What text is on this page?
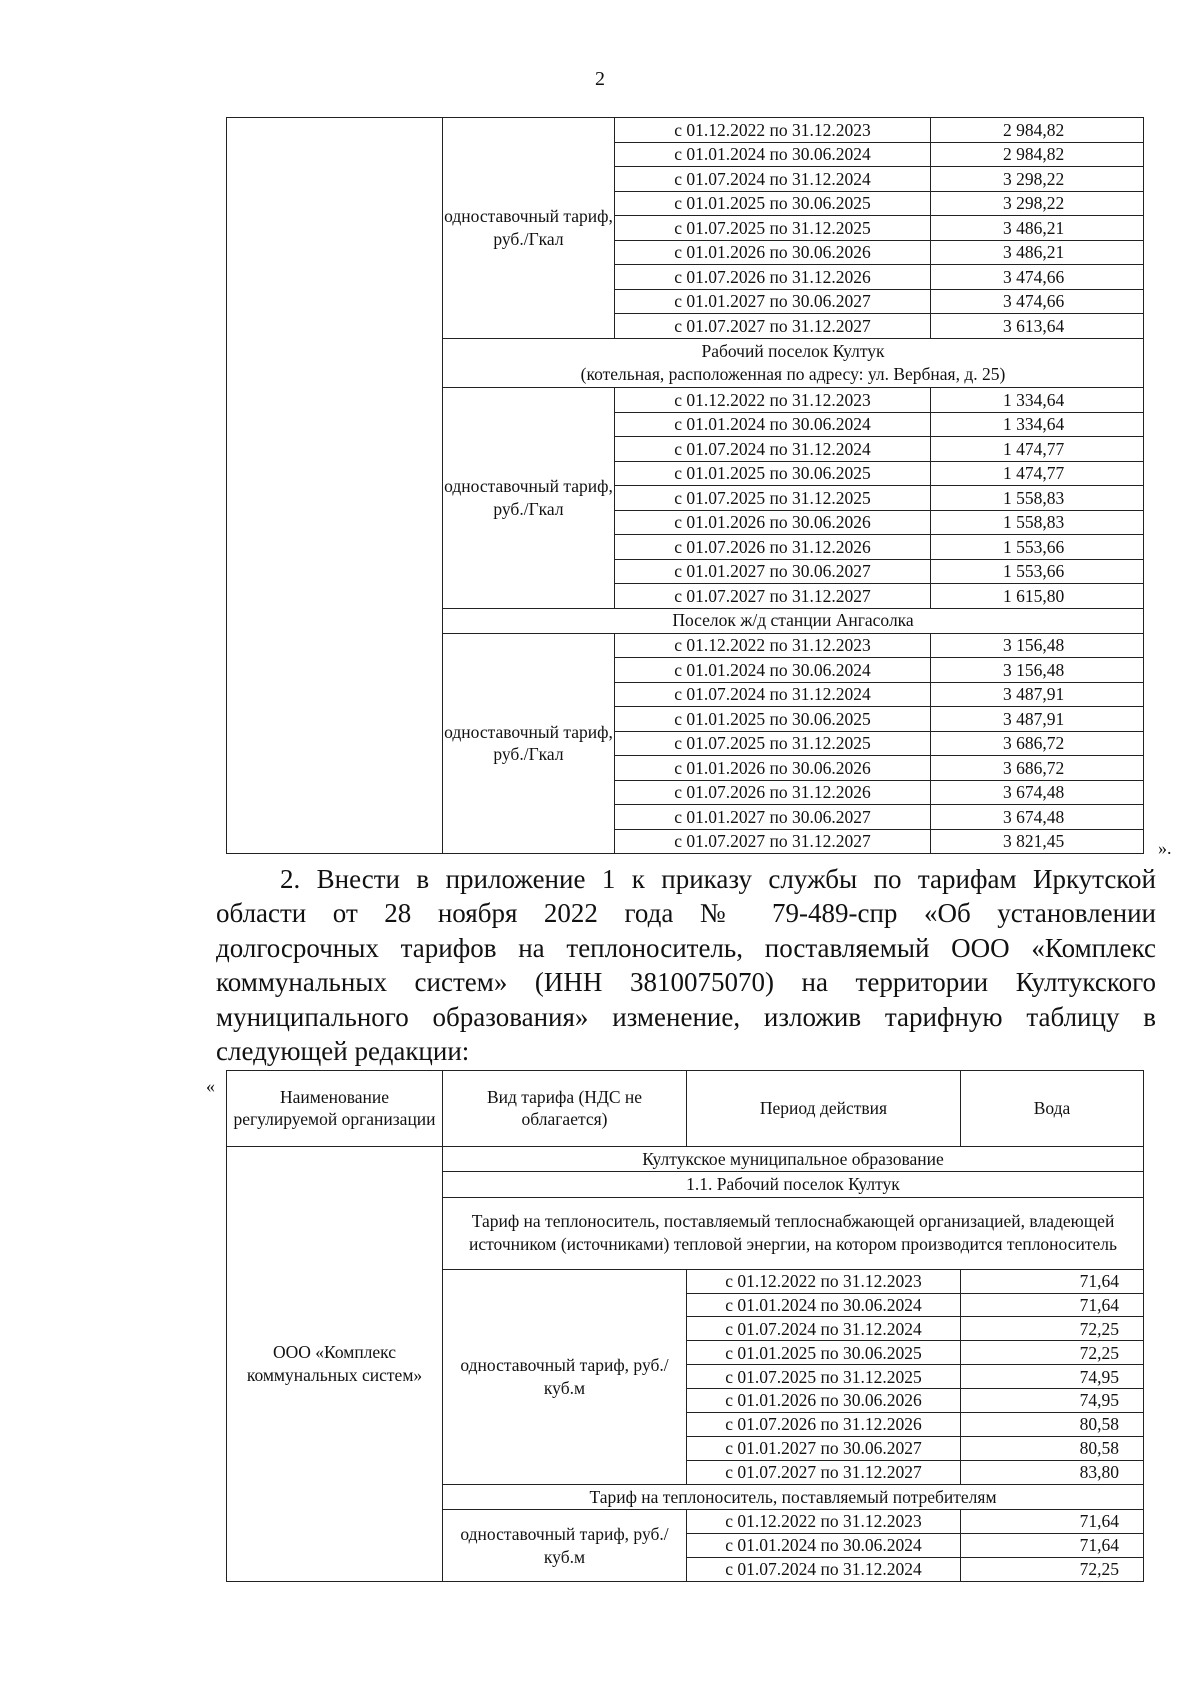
2
	одноставочный тариф, руб./Гкал	с 01.12.2022 по 31.12.2023	2 984,82
		с 01.01.2024 по 30.06.2024	2 984,82
		с 01.07.2024 по 31.12.2024	3 298,22
		с 01.01.2025 по 30.06.2025	3 298,22
		с 01.07.2025 по 31.12.2025	3 486,21
		с 01.01.2026 по 30.06.2026	3 486,21
		с 01.07.2026 по 31.12.2026	3 474,66
		с 01.01.2027 по 30.06.2027	3 474,66
		с 01.07.2027 по 31.12.2027	3 613,64

	Рабочий поселок Култук
(котельная, расположенная по адресу: ул. Вербная, д. 25)		

	одноставочный тариф, руб./Гкал	с 01.12.2022 по 31.12.2023	1 334,64
		с 01.01.2024 по 30.06.2024	1 334,64
		с 01.07.2024 по 31.12.2024	1 474,77
		с 01.01.2025 по 30.06.2025	1 474,77
		с 01.07.2025 по 31.12.2025	1 558,83
		с 01.01.2026 по 30.06.2026	1 558,83
		с 01.07.2026 по 31.12.2026	1 553,66
		с 01.01.2027 по 30.06.2027	1 553,66
		с 01.07.2027 по 31.12.2027	1 615,80

	Поселок ж/д станции Ангасолка		

	одноставочный тариф, руб./Гкал	с 01.12.2022 по 31.12.2023	3 156,48
		с 01.01.2024 по 30.06.2024	3 156,48
		с 01.07.2024 по 31.12.2024	3 487,91
		с 01.01.2025 по 30.06.2025	3 487,91
		с 01.07.2025 по 31.12.2025	3 686,72
		с 01.01.2026 по 30.06.2026	3 686,72
		с 01.07.2026 по 31.12.2026	3 674,48
		с 01.01.2027 по 30.06.2027	3 674,48
		с 01.07.2027 по 31.12.2027	3 821,45	».
2. Внести в приложение 1 к приказу службы по тарифам Иркутской
области от 28 ноября 2022 года № 79-489-спр «Об установлении
долгосрочных тарифов на теплоноситель, поставляемый ООО «Комплекс
коммунальных систем» (ИНН 3810075070) на территории Култукского
муниципального образования» изменение, изложив тарифную таблицу в
следующей редакции:
«
Наименование регулируемой организации	Вид тарифа (НДС не облагается)	Период действия	Вода
ООО «Комплекс коммунальных систем»	Култукское муниципальное образование		
	1.1. Рабочий поселок Култук		
	Тариф на теплоноситель, поставляемый теплоснабжающей организацией, владеющей источником (источниками) тепловой энергии, на котором производится теплоноситель		
	одноставочный тариф, руб./куб.м	с 01.12.2022 по 31.12.2023	71,64
		с 01.01.2024 по 30.06.2024	71,64
		с 01.07.2024 по 31.12.2024	72,25
		с 01.01.2025 по 30.06.2025	72,25
		с 01.07.2025 по 31.12.2025	74,95
		с 01.01.2026 по 30.06.2026	74,95
		с 01.07.2026 по 31.12.2026	80,58
		с 01.01.2027 по 30.06.2027	80,58
		с 01.07.2027 по 31.12.2027	83,80
	Тариф на теплоноситель, поставляемый потребителям		
	одноставочный тариф, руб./куб.м	с 01.12.2022 по 31.12.2023	71,64
		с 01.01.2024 по 30.06.2024	71,64
		с 01.07.2024 по 31.12.2024	72,25
